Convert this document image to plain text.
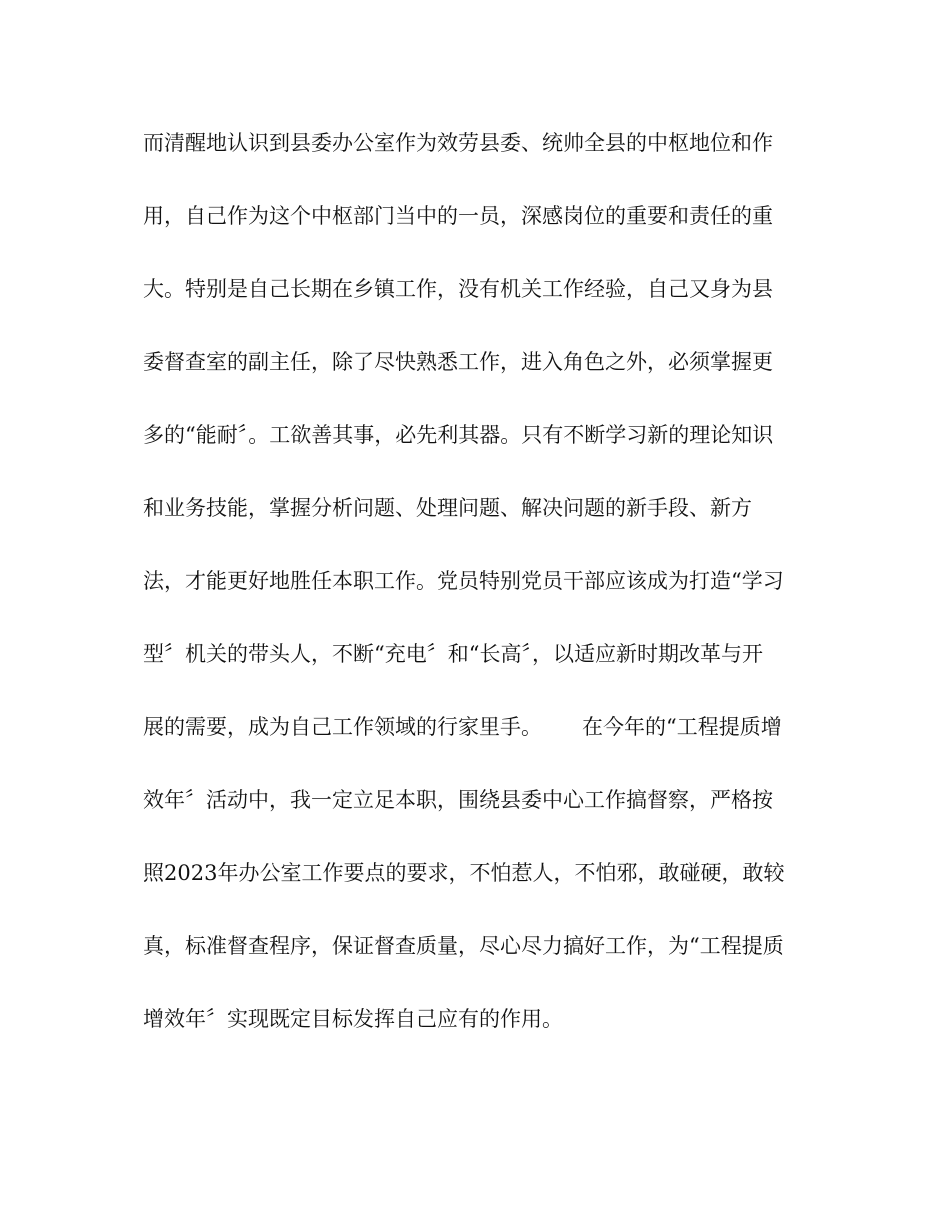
而清醒地认识到县委办公室作为效劳县委、统帅全县的中枢地位和作
用，自己作为这个中枢部门当中的一员，深感岗位的重要和责任的重
大。特别是自己长期在乡镇工作，没有机关工作经验，自己又身为县
委督查室的副主任，除了尽快熟悉工作，进入角色之外，必须掌握更
多的“能耐〞。工欲善其事，必先利其器。只有不断学习新的理论知识
和业务技能，掌握分析问题、处理问题、解决问题的新手段、新方
法，才能更好地胜任本职工作。党员特别党员干部应该成为打造“学习
型〞机关的带头人，不断“充电〞和“长高〞，以适应新时期改革与开
展的需要，成为自己工作领域的行家里手。      在今年的“工程提质增
效年〞活动中，我一定立足本职，围绕县委中心工作搞督察，严格按
照2023年办公室工作要点的要求，不怕惹人，不怕邪，敢碰硬，敢较
真，标准督查程序，保证督查质量，尽心尽力搞好工作，为“工程提质
增效年〞实现既定目标发挥自己应有的作用。
